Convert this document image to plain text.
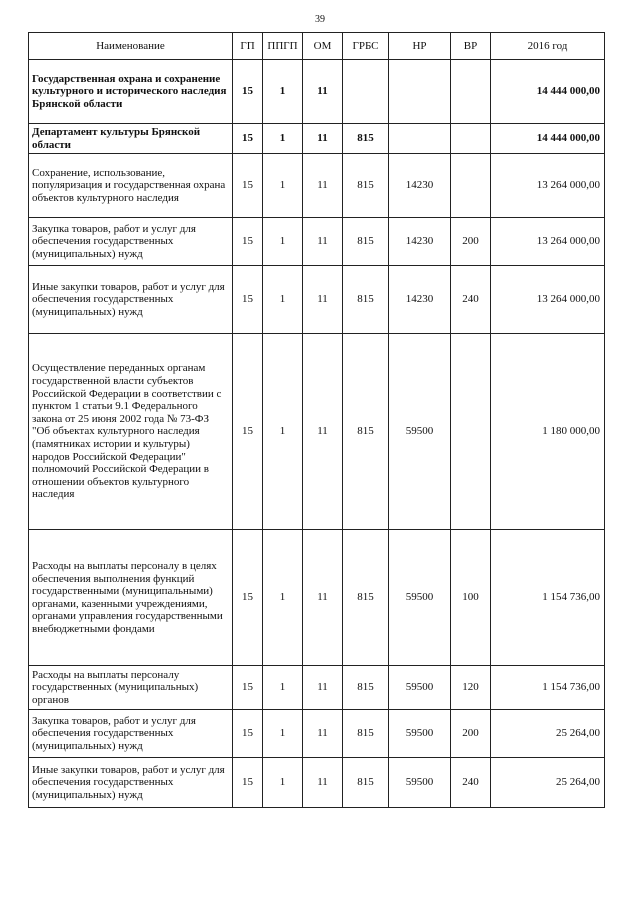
39
Наименование	ГП	ППГП	ОМ	ГРБС	НР	ВР	2016 год
Государственная охрана и сохранение культурного и исторического наследия Брянской области	15	1	11				14 444 000,00
Департамент культуры Брянской области	15	1	11	815			14 444 000,00
Сохранение, использование, популяризация и государственная охрана объектов культурного наследия	15	1	11	815	14230		13 264 000,00
Закупка товаров, работ и услуг для обеспечения государственных (муниципальных) нужд	15	1	11	815	14230	200	13 264 000,00
Иные закупки товаров, работ и услуг для обеспечения государственных (муниципальных) нужд	15	1	11	815	14230	240	13 264 000,00
Осуществление переданных органам государственной власти субъектов Российской Федерации в соответствии с пунктом 1 статьи 9.1 Федерального закона от 25 июня 2002 года № 73-ФЗ "Об объектах культурного наследия (памятниках истории и культуры) народов Российской Федерации" полномочий Российской Федерации в отношении объектов культурного наследия	15	1	11	815	59500		1 180 000,00
Расходы на выплаты персоналу в целях обеспечения выполнения функций государственными (муниципальными) органами, казенными учреждениями, органами управления государственными внебюджетными фондами	15	1	11	815	59500	100	1 154 736,00
Расходы на выплаты персоналу государственных (муниципальных) органов	15	1	11	815	59500	120	1 154 736,00
Закупка товаров, работ и услуг для обеспечения государственных (муниципальных) нужд	15	1	11	815	59500	200	25 264,00
Иные закупки товаров, работ и услуг для обеспечения государственных (муниципальных) нужд	15	1	11	815	59500	240	25 264,00
